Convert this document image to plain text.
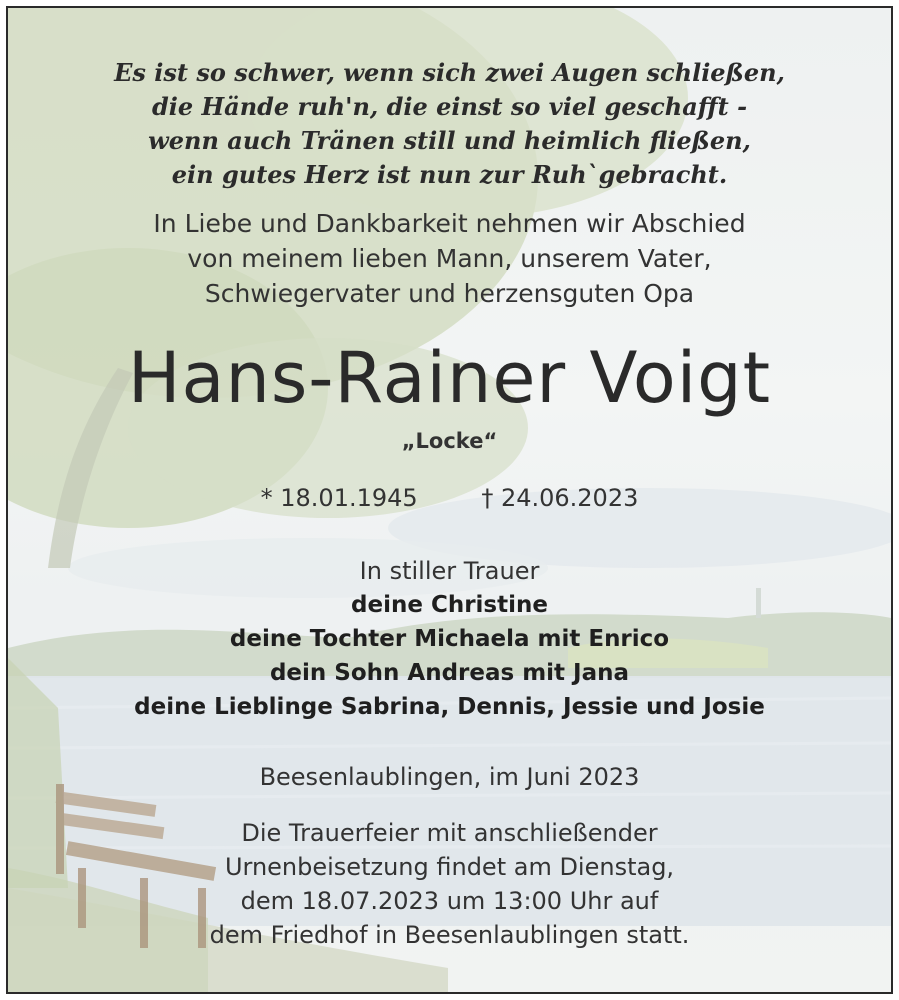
Es ist so schwer, wenn sich zwei Augen schließen,
die Hände ruh'n, die einst so viel geschafft -
wenn auch Tränen still und heimlich fließen,
ein gutes Herz ist nun zur Ruh`gebracht.
In Liebe und Dankbarkeit nehmen wir Abschied
von meinem lieben Mann, unserem Vater,
Schwiegervater und herzensguten Opa
Hans-Rainer Voigt
„Locke“
* 18.01.1945	† 24.06.2023
In stiller Trauer
deine Christine
deine Tochter Michaela mit Enrico
dein Sohn Andreas mit Jana
deine Lieblinge Sabrina, Dennis, Jessie und Josie
Beesenlaublingen, im Juni 2023
Die Trauerfeier mit anschließender
Urnenbeisetzung findet am Dienstag,
dem 18.07.2023 um 13:00 Uhr auf
dem Friedhof in Beesenlaublingen statt.
